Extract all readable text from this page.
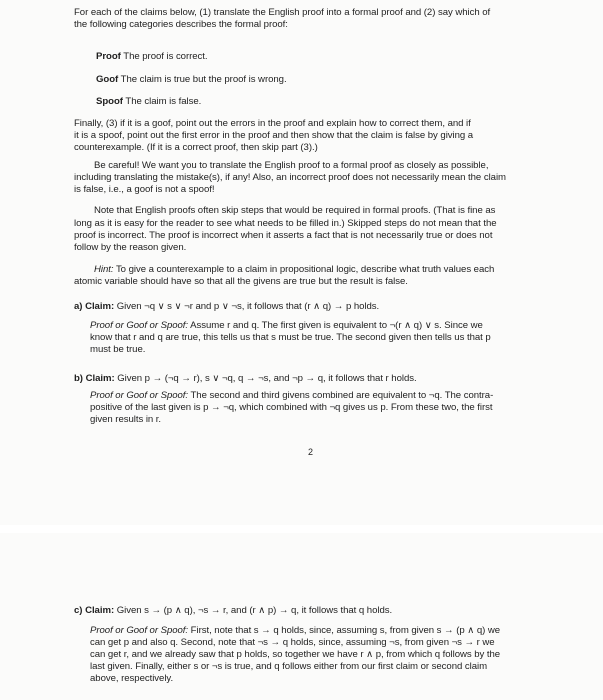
For each of the claims below, (1) translate the English proof into a formal proof and (2) say which of

the following categories describes the formal proof:

Proof The proof is correct.

Goof The claim is true but the proof is wrong.

Spoof The claim is false.

Finally, (3) if it is a goof, point out the errors in the proof and explain how to correct them, and if

it is a spoof, point out the first error in the proof and then show that the claim is false by giving a

counterexample. (If it is a correct proof, then skip part (3).)

Be careful! We want you to translate the English proof to a formal proof as closely as possible,

including translating the mistake(s), if any! Also, an incorrect proof does not necessarily mean the claim

is false, i.e., a goof is not a spoof!

Note that English proofs often skip steps that would be required in formal proofs. (That is fine as

long as it is easy for the reader to see what needs to be filled in.) Skipped steps do not mean that the

proof is incorrect. The proof is incorrect when it asserts a fact that is not necessarily true or does not

follow by the reason given.

Hint: To give a counterexample to a claim in propositional logic, describe what truth values each

atomic variable should have so that all the givens are true but the result is false.

a) Claim: Given ¬q ∨ s ∨ ¬r and p ∨ ¬s, it follows that (r ∧ q) → p holds.

Proof or Goof or Spoof: Assume r and q. The first given is equivalent to ¬(r ∧ q) ∨ s. Since we

know that r and q are true, this tells us that s must be true. The second given then tells us that p

must be true.

b) Claim: Given p → (¬q → r), s ∨ ¬q, q → ¬s, and ¬p → q, it follows that r holds.

Proof or Goof or Spoof: The second and third givens combined are equivalent to ¬q. The contra-

positive of the last given is p → ¬q, which combined with ¬q gives us p. From these two, the first

given results in r.

2

c) Claim: Given s → (p ∧ q), ¬s → r, and (r ∧ p) → q, it follows that q holds.

Proof or Goof or Spoof: First, note that s → q holds, since, assuming s, from given s → (p ∧ q) we

can get p and also q. Second, note that ¬s → q holds, since, assuming ¬s, from given ¬s → r we

can get r, and we already saw that p holds, so together we have r ∧ p, from which q follows by the

last given. Finally, either s or ¬s is true, and q follows either from our first claim or second claim

above, respectively.
